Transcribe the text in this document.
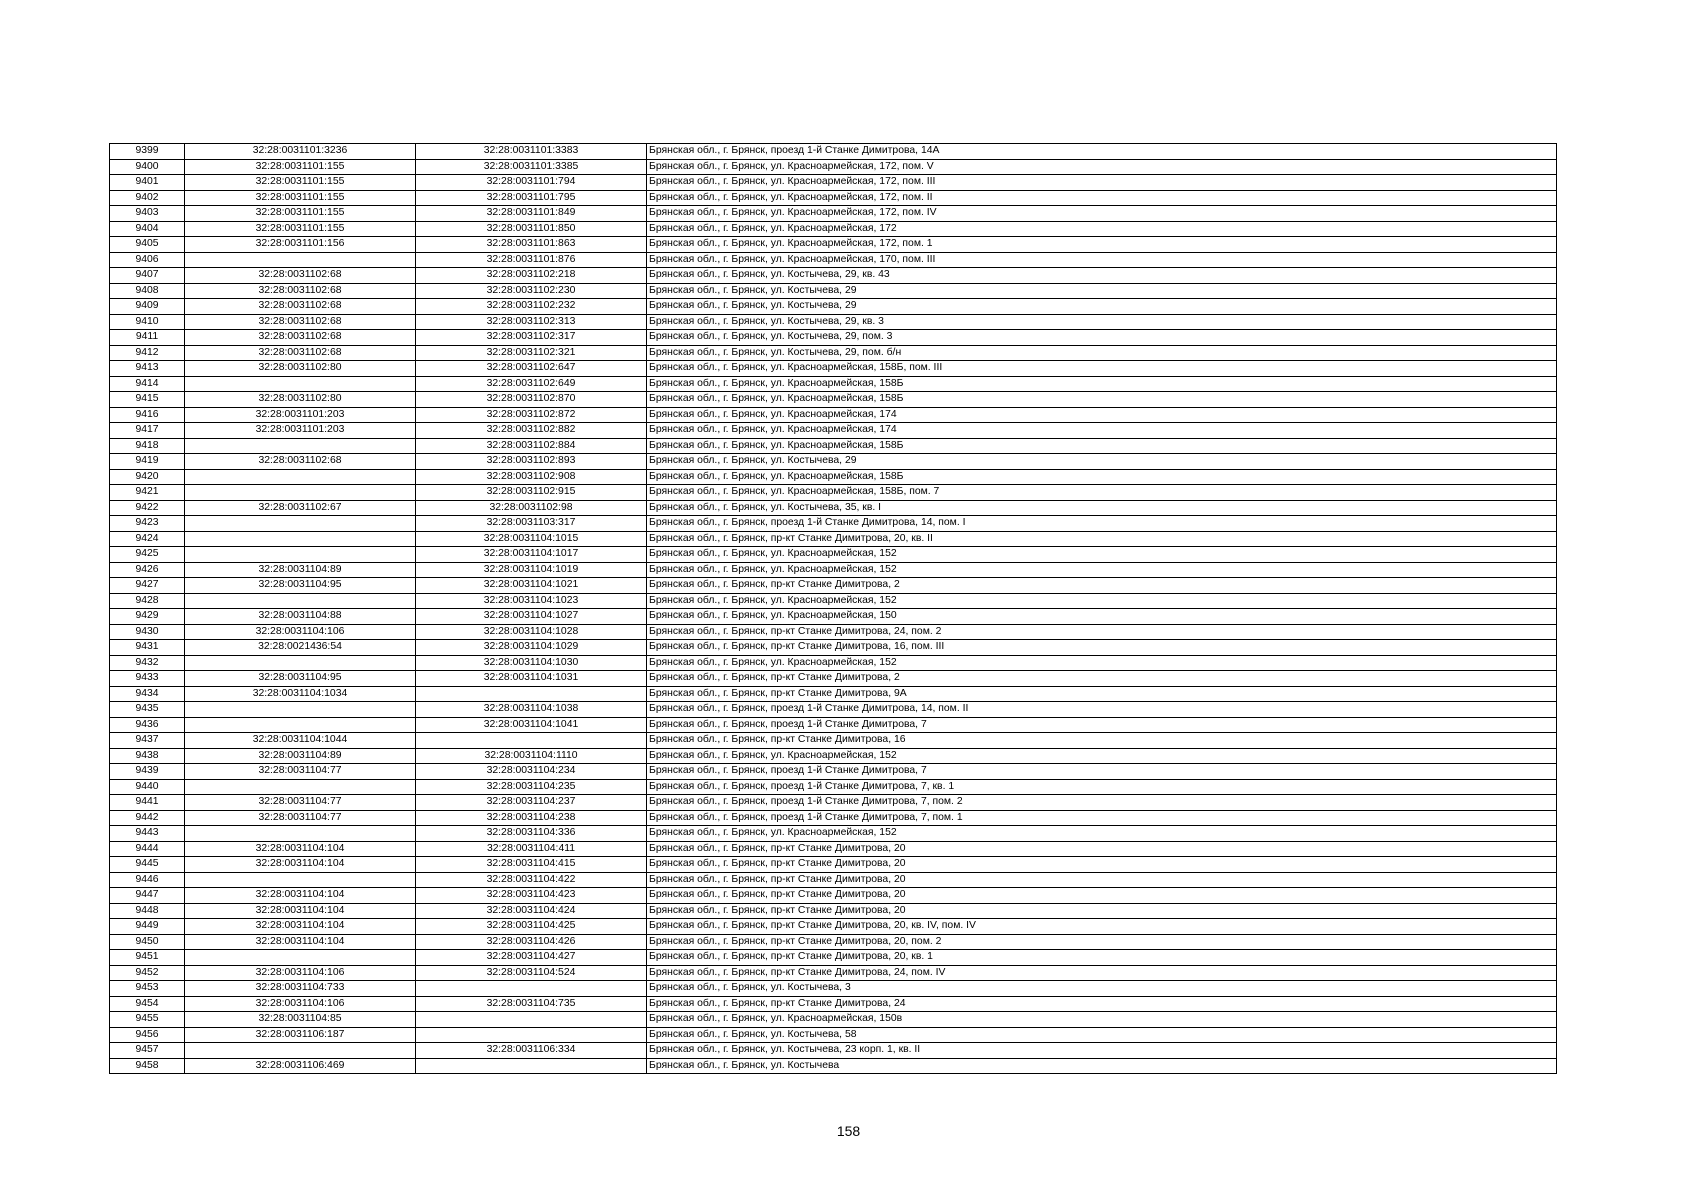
9399	32:28:0031101:3236	32:28:0031101:3383	Брянская обл., г. Брянск, проезд 1-й Станке Димитрова, 14А
9400	32:28:0031101:155	32:28:0031101:3385	Брянская обл., г. Брянск, ул. Красноармейская, 172, пом. V
9401	32:28:0031101:155	32:28:0031101:794	Брянская обл., г. Брянск, ул. Красноармейская, 172, пом. III
9402	32:28:0031101:155	32:28:0031101:795	Брянская обл., г. Брянск, ул. Красноармейская, 172, пом. II
9403	32:28:0031101:155	32:28:0031101:849	Брянская обл., г. Брянск, ул. Красноармейская, 172, пом. IV
9404	32:28:0031101:155	32:28:0031101:850	Брянская обл., г. Брянск, ул. Красноармейская, 172
9405	32:28:0031101:156	32:28:0031101:863	Брянская обл., г. Брянск, ул. Красноармейская, 172, пом. 1
9406		32:28:0031101:876	Брянская обл., г. Брянск, ул. Красноармейская, 170, пом. III
9407	32:28:0031102:68	32:28:0031102:218	Брянская обл., г. Брянск, ул. Костычева, 29, кв. 43
9408	32:28:0031102:68	32:28:0031102:230	Брянская обл., г. Брянск, ул. Костычева, 29
9409	32:28:0031102:68	32:28:0031102:232	Брянская обл., г. Брянск, ул. Костычева, 29
9410	32:28:0031102:68	32:28:0031102:313	Брянская обл., г. Брянск, ул. Костычева, 29, кв. 3
9411	32:28:0031102:68	32:28:0031102:317	Брянская обл., г. Брянск, ул. Костычева, 29, пом. 3
9412	32:28:0031102:68	32:28:0031102:321	Брянская обл., г. Брянск, ул. Костычева, 29, пом. б/н
9413	32:28:0031102:80	32:28:0031102:647	Брянская обл., г. Брянск, ул. Красноармейская, 158Б, пом. III
9414		32:28:0031102:649	Брянская обл., г. Брянск, ул. Красноармейская, 158Б
9415	32:28:0031102:80	32:28:0031102:870	Брянская обл., г. Брянск, ул. Красноармейская, 158Б
9416	32:28:0031101:203	32:28:0031102:872	Брянская обл., г. Брянск, ул. Красноармейская, 174
9417	32:28:0031101:203	32:28:0031102:882	Брянская обл., г. Брянск, ул. Красноармейская, 174
9418		32:28:0031102:884	Брянская обл., г. Брянск, ул. Красноармейская, 158Б
9419	32:28:0031102:68	32:28:0031102:893	Брянская обл., г. Брянск, ул. Костычева, 29
9420		32:28:0031102:908	Брянская обл., г. Брянск, ул. Красноармейская, 158Б
9421		32:28:0031102:915	Брянская обл., г. Брянск, ул. Красноармейская, 158Б, пом. 7
9422	32:28:0031102:67	32:28:0031102:98	Брянская обл., г. Брянск, ул. Костычева, 35, кв. I
9423		32:28:0031103:317	Брянская обл., г. Брянск, проезд 1-й Станке Димитрова, 14, пом. I
9424		32:28:0031104:1015	Брянская обл., г. Брянск, пр-кт Станке Димитрова, 20, кв. II
9425		32:28:0031104:1017	Брянская обл., г. Брянск, ул. Красноармейская, 152
9426	32:28:0031104:89	32:28:0031104:1019	Брянская обл., г. Брянск, ул. Красноармейская, 152
9427	32:28:0031104:95	32:28:0031104:1021	Брянская обл., г. Брянск, пр-кт Станке Димитрова, 2
9428		32:28:0031104:1023	Брянская обл., г. Брянск, ул. Красноармейская, 152
9429	32:28:0031104:88	32:28:0031104:1027	Брянская обл., г. Брянск, ул. Красноармейская, 150
9430	32:28:0031104:106	32:28:0031104:1028	Брянская обл., г. Брянск, пр-кт Станке Димитрова, 24, пом. 2
9431	32:28:0021436:54	32:28:0031104:1029	Брянская обл., г. Брянск, пр-кт Станке Димитрова, 16, пом. III
9432		32:28:0031104:1030	Брянская обл., г. Брянск, ул. Красноармейская, 152
9433	32:28:0031104:95	32:28:0031104:1031	Брянская обл., г. Брянск, пр-кт Станке Димитрова, 2
9434	32:28:0031104:1034		Брянская обл., г. Брянск, пр-кт Станке Димитрова, 9А
9435		32:28:0031104:1038	Брянская обл., г. Брянск, проезд 1-й Станке Димитрова, 14, пом. II
9436		32:28:0031104:1041	Брянская обл., г. Брянск, проезд 1-й Станке Димитрова, 7
9437	32:28:0031104:1044		Брянская обл., г. Брянск, пр-кт Станке Димитрова, 16
9438	32:28:0031104:89	32:28:0031104:1110	Брянская обл., г. Брянск, ул. Красноармейская, 152
9439	32:28:0031104:77	32:28:0031104:234	Брянская обл., г. Брянск, проезд 1-й Станке Димитрова, 7
9440		32:28:0031104:235	Брянская обл., г. Брянск, проезд 1-й Станке Димитрова, 7, кв. 1
9441	32:28:0031104:77	32:28:0031104:237	Брянская обл., г. Брянск, проезд 1-й Станке Димитрова, 7, пом. 2
9442	32:28:0031104:77	32:28:0031104:238	Брянская обл., г. Брянск, проезд 1-й Станке Димитрова, 7, пом. 1
9443		32:28:0031104:336	Брянская обл., г. Брянск, ул. Красноармейская, 152
9444	32:28:0031104:104	32:28:0031104:411	Брянская обл., г. Брянск, пр-кт Станке Димитрова, 20
9445	32:28:0031104:104	32:28:0031104:415	Брянская обл., г. Брянск, пр-кт Станке Димитрова, 20
9446		32:28:0031104:422	Брянская обл., г. Брянск, пр-кт Станке Димитрова, 20
9447	32:28:0031104:104	32:28:0031104:423	Брянская обл., г. Брянск, пр-кт Станке Димитрова, 20
9448	32:28:0031104:104	32:28:0031104:424	Брянская обл., г. Брянск, пр-кт Станке Димитрова, 20
9449	32:28:0031104:104	32:28:0031104:425	Брянская обл., г. Брянск, пр-кт Станке Димитрова, 20, кв. IV, пом. IV
9450	32:28:0031104:104	32:28:0031104:426	Брянская обл., г. Брянск, пр-кт Станке Димитрова, 20, пом. 2
9451		32:28:0031104:427	Брянская обл., г. Брянск, пр-кт Станке Димитрова, 20, кв. 1
9452	32:28:0031104:106	32:28:0031104:524	Брянская обл., г. Брянск, пр-кт Станке Димитрова, 24, пом. IV
9453	32:28:0031104:733		Брянская обл., г. Брянск, ул. Костычева, 3
9454	32:28:0031104:106	32:28:0031104:735	Брянская обл., г. Брянск, пр-кт Станке Димитрова, 24
9455	32:28:0031104:85		Брянская обл., г. Брянск, ул. Красноармейская, 150в
9456	32:28:0031106:187		Брянская обл., г. Брянск, ул. Костычева, 58
9457		32:28:0031106:334	Брянская обл., г. Брянск, ул. Костычева, 23 корп. 1, кв. II
9458	32:28:0031106:469		Брянская обл., г. Брянск, ул. Костычева
158
